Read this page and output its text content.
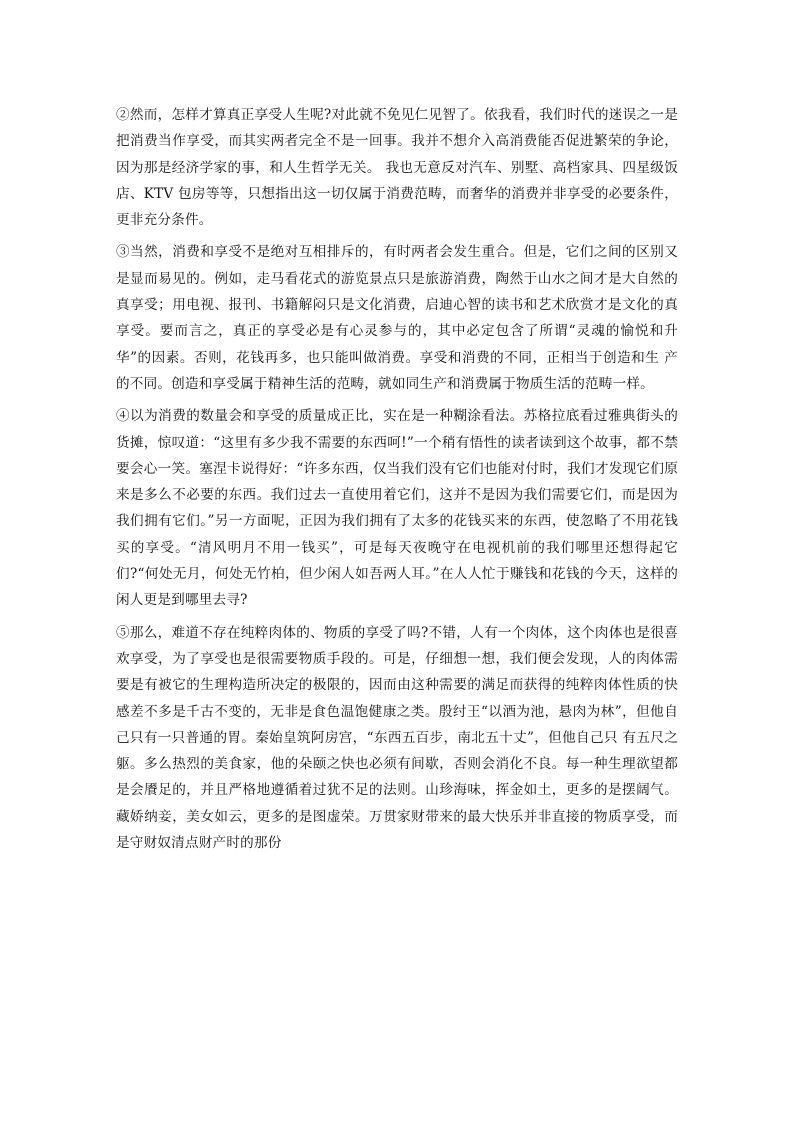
②然而，怎样才算真正享受人生呢?对此就不免见仁见智了。依我看，我们时代的迷误之一是把消费当作享受，而其实两者完全不是一回事。我并不想介入高消费能否促进繁荣的争论，因为那是经济学家的事，和人生哲学无关。 我也无意反对汽车、别墅、高档家具、四星级饭店、KTV 包房等等，只想指出这一切仅属于消费范畴，而奢华的消费并非享受的必要条件，更非充分条件。

③当然，消费和享受不是绝对互相排斥的，有时两者会发生重合。但是，它们之间的区别又是显而易见的。例如，走马看花式的游览景点只是旅游消费，陶然于山水之间才是大自然的真享受；用电视、报刊、书籍解闷只是文化消费，启迪心智的读书和艺术欣赏才是文化的真享受。要而言之，真正的享受必是有心灵参与的，其中必定包含了所谓“灵魂的愉悦和升华”的因素。否则，花钱再多，也只能叫做消费。享受和消费的不同，正相当于创造和生 产的不同。创造和享受属于精神生活的范畴，就如同生产和消费属于物质生活的范畴一样。

④以为消费的数量会和享受的质量成正比，实在是一种糊涂看法。苏格拉底看过雅典街头的货摊，惊叹道：“这里有多少我不需要的东西呵!”一个稍有悟性的读者读到这个故事，都不禁要会心一笑。塞涅卡说得好：“许多东西，仅当我们没有它们也能对付时，我们才发现它们原来是多么不必要的东西。我们过去一直使用着它们，这并不是因为我们需要它们，而是因为我们拥有它们。”另一方面呢，正因为我们拥有了太多的花钱买来的东西，使忽略了不用花钱买的享受。“清风明月不用一钱买”，可是每天夜晚守在电视机前的我们哪里还想得起它们?“何处无月，何处无竹柏，但少闲人如吾两人耳。”在人人忙于赚钱和花钱的今天，这样的闲人更是到哪里去寻?

⑤那么，难道不存在纯粹肉体的、物质的享受了吗?不错，人有一个肉体，这个肉体也是很喜欢享受，为了享受也是很需要物质手段的。可是，仔细想一想，我们便会发现，人的肉体需要是有被它的生理构造所决定的极限的，因而由这种需要的满足而获得的纯粹肉体性质的快感差不多是千古不变的，无非是食色温饱健康之类。殷纣王“以酒为池，悬肉为林”，但他自己只有一只普通的胃。秦始皇筑阿房宫，“东西五百步，南北五十丈”，但他自己只 有五尺之躯。多么热烈的美食家，他的朵颐之快也必须有间歇，否则会消化不良。每一种生理欲望都是会餍足的，并且严格地遵循着过犹不足的法则。山珍海味，挥金如土，更多的是摆阔气。藏娇纳妾，美女如云，更多的是图虚荣。万贯家财带来的最大快乐并非直接的物质享受，而是守财奴清点财产时的那份
